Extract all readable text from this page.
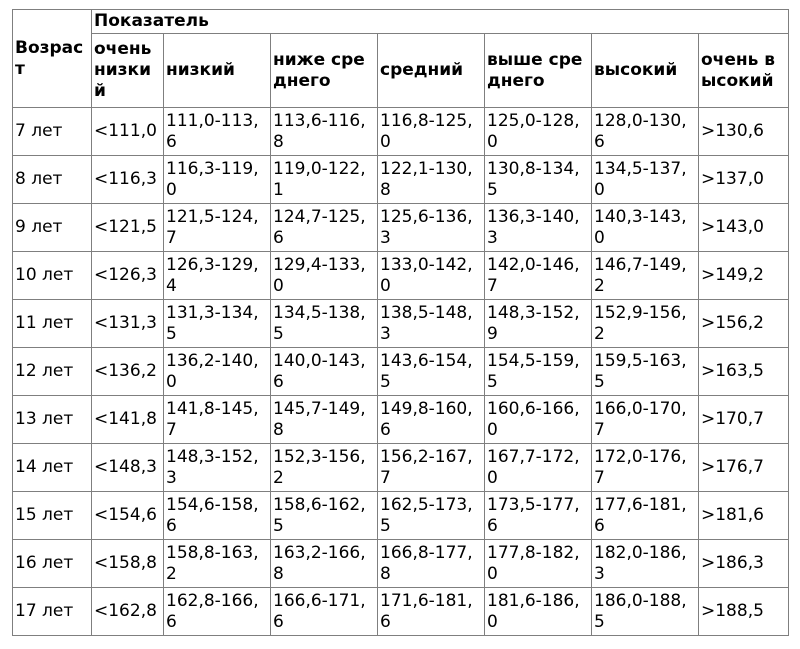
Возраст	Показатель						
	очень низкий	низкий	ниже среднего	средний	выше среднего	высокий	очень высокий
7 лет	<111,0	111,0-113,6	113,6-116,8	116,8-125,0	125,0-128,0	128,0-130,6	>130,6
8 лет	<116,3	116,3-119,0	119,0-122,1	122,1-130,8	130,8-134,5	134,5-137,0	>137,0
9 лет	<121,5	121,5-124,7	124,7-125,6	125,6-136,3	136,3-140,3	140,3-143,0	>143,0
10 лет	<126,3	126,3-129,4	129,4-133,0	133,0-142,0	142,0-146,7	146,7-149,2	>149,2
11 лет	<131,3	131,3-134,5	134,5-138,5	138,5-148,3	148,3-152,9	152,9-156,2	>156,2
12 лет	<136,2	136,2-140,0	140,0-143,6	143,6-154,5	154,5-159,5	159,5-163,5	>163,5
13 лет	<141,8	141,8-145,7	145,7-149,8	149,8-160,6	160,6-166,0	166,0-170,7	>170,7
14 лет	<148,3	148,3-152,3	152,3-156,2	156,2-167,7	167,7-172,0	172,0-176,7	>176,7
15 лет	<154,6	154,6-158,6	158,6-162,5	162,5-173,5	173,5-177,6	177,6-181,6	>181,6
16 лет	<158,8	158,8-163,2	163,2-166,8	166,8-177,8	177,8-182,0	182,0-186,3	>186,3
17 лет	<162,8	162,8-166,6	166,6-171,6	171,6-181,6	181,6-186,0	186,0-188,5	>188,5
